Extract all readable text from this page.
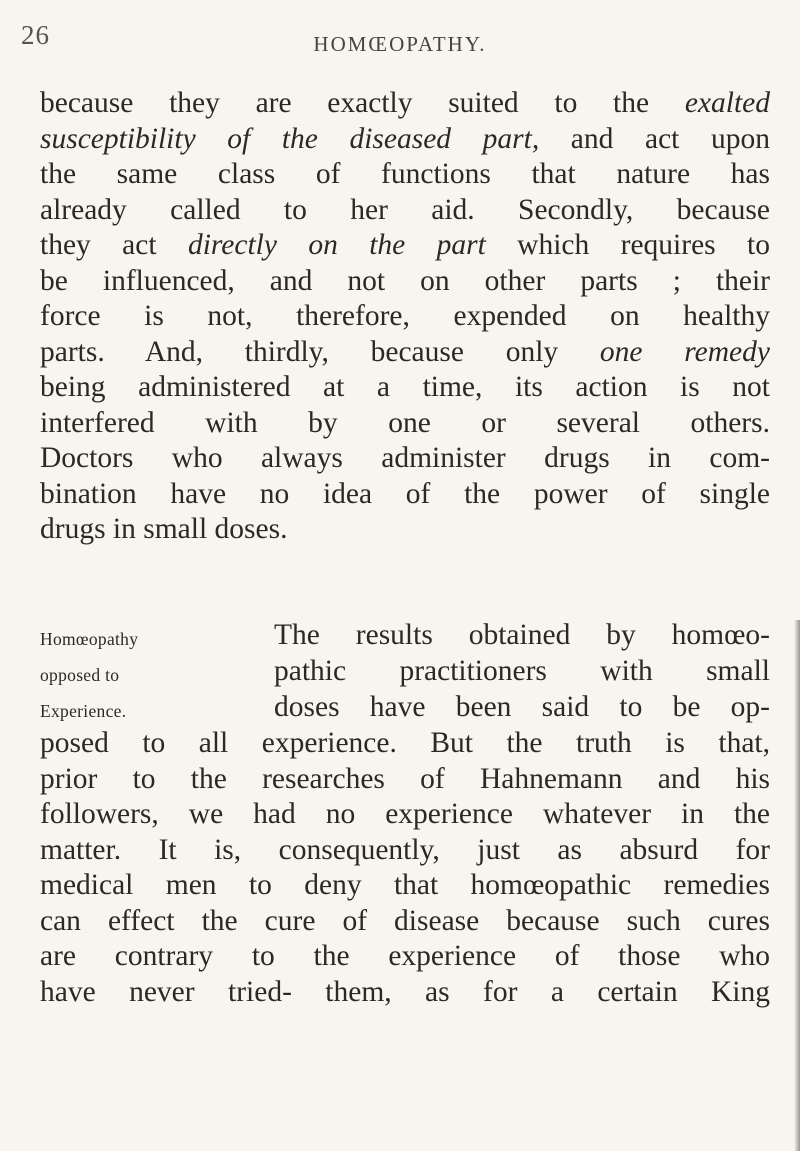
26	HOMŒOPATHY.
because they are exactly suited to the exalted
susceptibility of the diseased part, and act upon
the same class of functions that nature has
already called to her aid. Secondly, because
they act directly on the part which requires to
be influenced, and not on other parts ; their
force is not, therefore, expended on healthy
parts. And, thirdly, because only one remedy
being administered at a time, its action is not
interfered with by one or several others.
Doctors who always administer drugs in com-
bination have no idea of the power of single
drugs in small doses.
Homœopathy
opposed to
Experience.
The results obtained by homœo-
pathic practitioners with small
doses have been said to be op-
posed to all experience. But the truth is that,
prior to the researches of Hahnemann and his
followers, we had no experience whatever in the
matter. It is, consequently, just as absurd for
medical men to deny that homœopathic remedies
can effect the cure of disease because such cures
are contrary to the experience of those who
have never tried- them, as for a certain King
